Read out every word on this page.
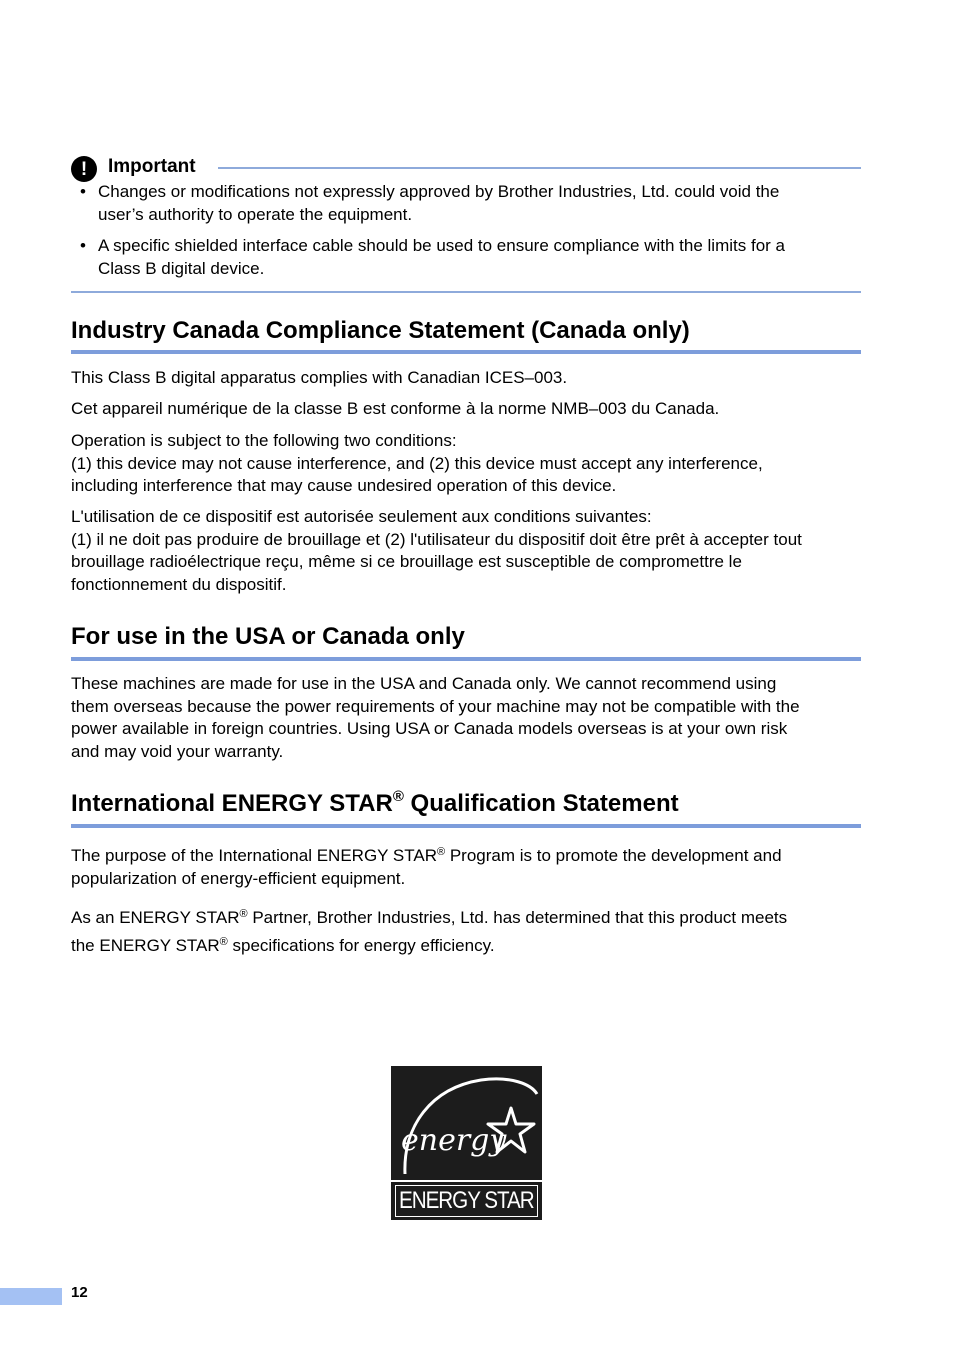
! Important
• Changes or modifications not expressly approved by Brother Industries, Ltd. could void the
user’s authority to operate the equipment.
• A specific shielded interface cable should be used to ensure compliance with the limits for a
Class B digital device.
Industry Canada Compliance Statement (Canada only)
This Class B digital apparatus complies with Canadian ICES–003.
Cet appareil numérique de la classe B est conforme à la norme NMB–003 du Canada.
Operation is subject to the following two conditions:
(1) this device may not cause interference, and (2) this device must accept any interference,
including interference that may cause undesired operation of this device.
L'utilisation de ce dispositif est autorisée seulement aux conditions suivantes:
(1) il ne doit pas produire de brouillage et (2) l'utilisateur du dispositif doit être prêt à accepter tout
brouillage radioélectrique reçu, même si ce brouillage est susceptible de compromettre le
fonctionnement du dispositif.
For use in the USA or Canada only
These machines are made for use in the USA and Canada only. We cannot recommend using
them overseas because the power requirements of your machine may not be compatible with the
power available in foreign countries. Using USA or Canada models overseas is at your own risk
and may void your warranty.
International ENERGY STAR® Qualification Statement
The purpose of the International ENERGY STAR® Program is to promote the development and
popularization of energy-efficient equipment.
As an ENERGY STAR® Partner, Brother Industries, Ltd. has determined that this product meets
the ENERGY STAR® specifications for energy efficiency.
energy
ENERGY STAR
12
